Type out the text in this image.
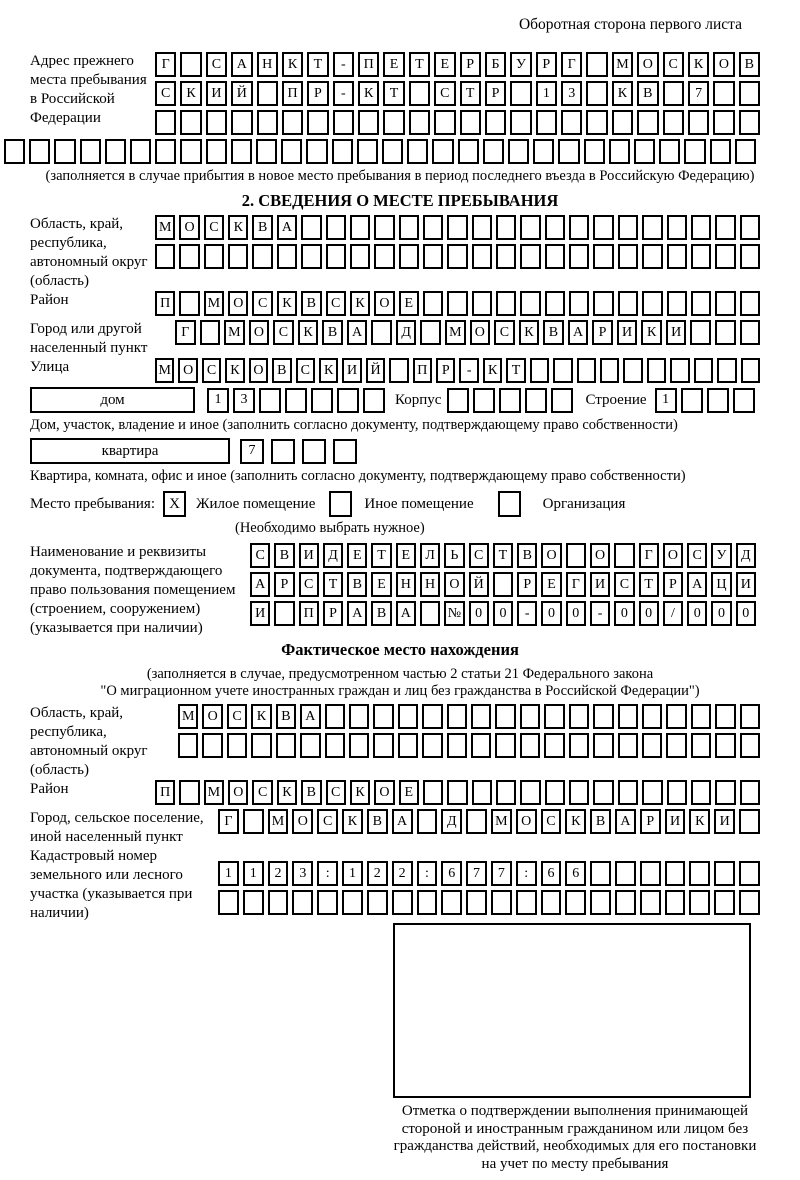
Оборотная сторона первого листа
Адрес прежнего места пребывания в Российской Федерации
Г	С	А	Н	К	Т	-	П	Е	Т	Е	Р	Б	У	Р	Г	М	О	С	К	О	В
С	К	И	Й	П	Р	-	К	Т	С	Т	Р	1	3	К	В	7
(заполняется в случае прибытия в новое место пребывания в период последнего въезда в Российскую Федерацию)
2. СВЕДЕНИЯ О МЕСТЕ ПРЕБЫВАНИЯ
Область, край, республика, автономный округ (область)
М О	С	К	В	А
Район	П	М О	С	К	В	С	К	О	Е
Город или другой населенный пункт
Г	М О	С	К	В	А	Д	М О	С	К	В	А	Р	И	К	И
Улица	М О С	К О В	С	К И Й	П	Р	-	К	Т
дом	1	3	Корпус	Строение	1
Дом, участок, владение и иное (заполнить согласно документу, подтверждающему право собственности)
квартира	7
Квартира, комната, офис и иное (заполнить согласно документу, подтверждающему право собственности)
Место пребывания: X	Жилое помещение	Иное помещение	Организация
(Необходимо выбрать нужное)
Наименование и реквизиты документа, подтверждающего право пользования помещением (строением, сооружением) (указывается при наличии)
С	В	И	Д	Е	Т	Е	Л	Ь	С	Т	В	О	О	Г	О	С	У	Д
А	Р	С	Т	В	Е	Н	Н	О	Й	Р	Е	Г	И	С	Т	Р	А	Ц	И
И	П	Р	А	В	А	№	0	0	-	0	0	-	0	0	/	0	0	0
Фактическое место нахождения
(заполняется в случае, предусмотренном частью 2 статьи 21 Федерального закона
"О миграционном учете иностранных граждан и лиц без гражданства в Российской Федерации")
Область, край, республика, автономный округ (область)
М О	С	К	В	А
Район	П	М О	С	К	В	С	К	О	Е
Город, сельское поселение, иной населенный пункт
Г	М О	С	К	В	А	Д	М О	С	К	В	А	Р	И	К	И
Кадастровый номер земельного или лесного участка (указывается при наличии)
1	1	2	3	:	1	2	2	:	6	7	7	:	6	6
Отметка о подтверждении выполнения принимающей стороной и иностранным гражданином или лицом без гражданства действий, необходимых для его постановки на учет по месту пребывания
